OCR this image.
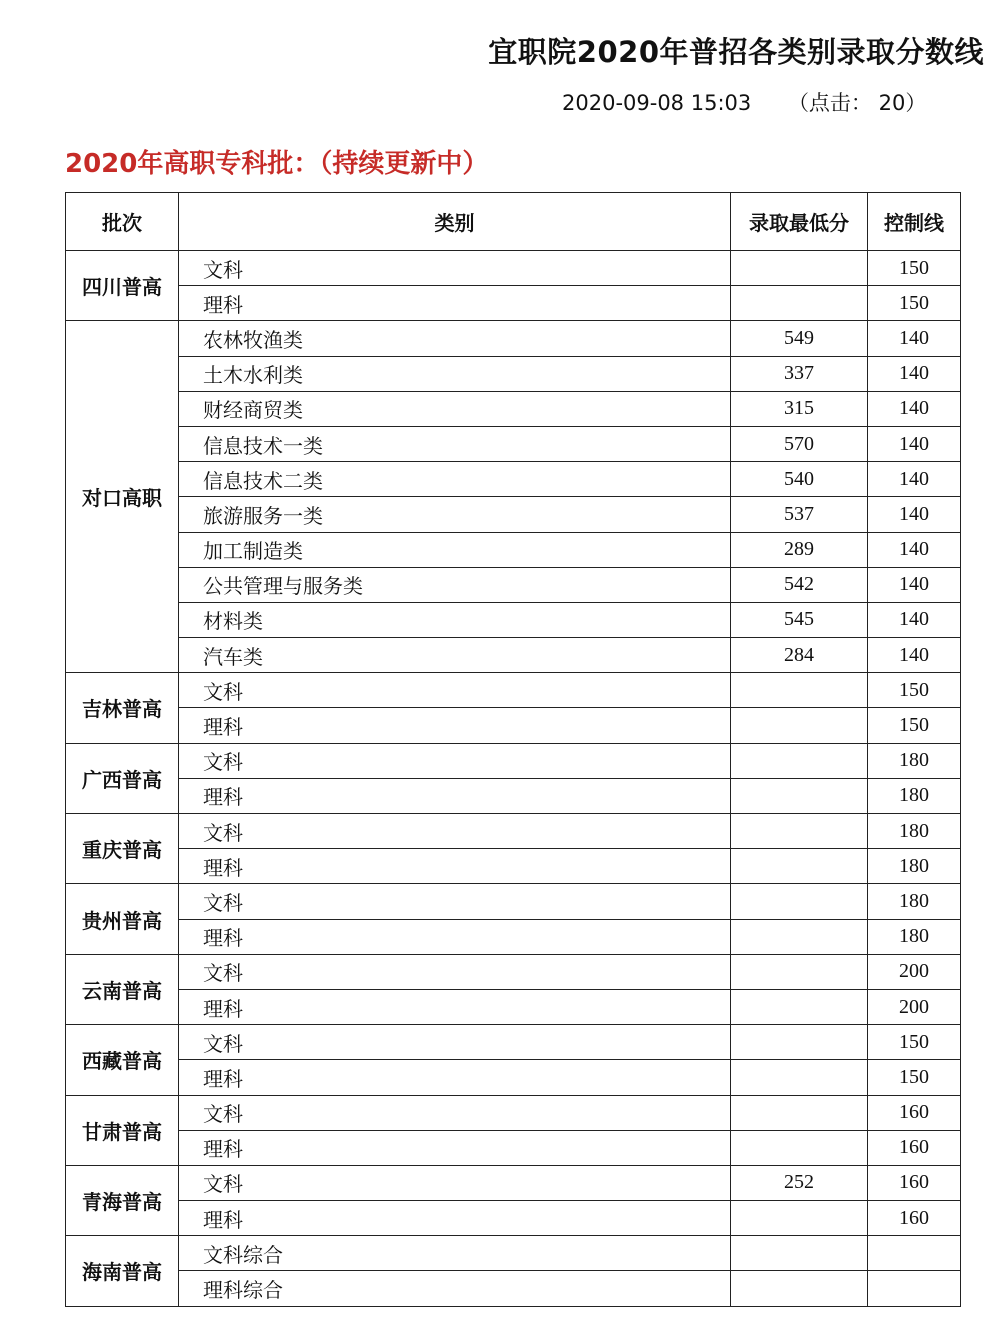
宜职院2020年普招各类别录取分数线
2020-09-08 15:03 （点击： 20）
2020年高职专科批：（持续更新中）
批次	类别	录取最低分	控制线
四川普高	文科		150
	理科		150
对口高职	农林牧渔类	549	140
	土木水利类	337	140
	财经商贸类	315	140
	信息技术一类	570	140
	信息技术二类	540	140
	旅游服务一类	537	140
	加工制造类	289	140
	公共管理与服务类	542	140
	材料类	545	140
	汽车类	284	140
吉林普高	文科		150
	理科		150
广西普高	文科		180
	理科		180
重庆普高	文科		180
	理科		180
贵州普高	文科		180
	理科		180
云南普高	文科		200
	理科		200
西藏普高	文科		150
	理科		150
甘肃普高	文科		160
	理科		160
青海普高	文科	252	160
	理科		160
海南普高	文科综合		
	理科综合		
